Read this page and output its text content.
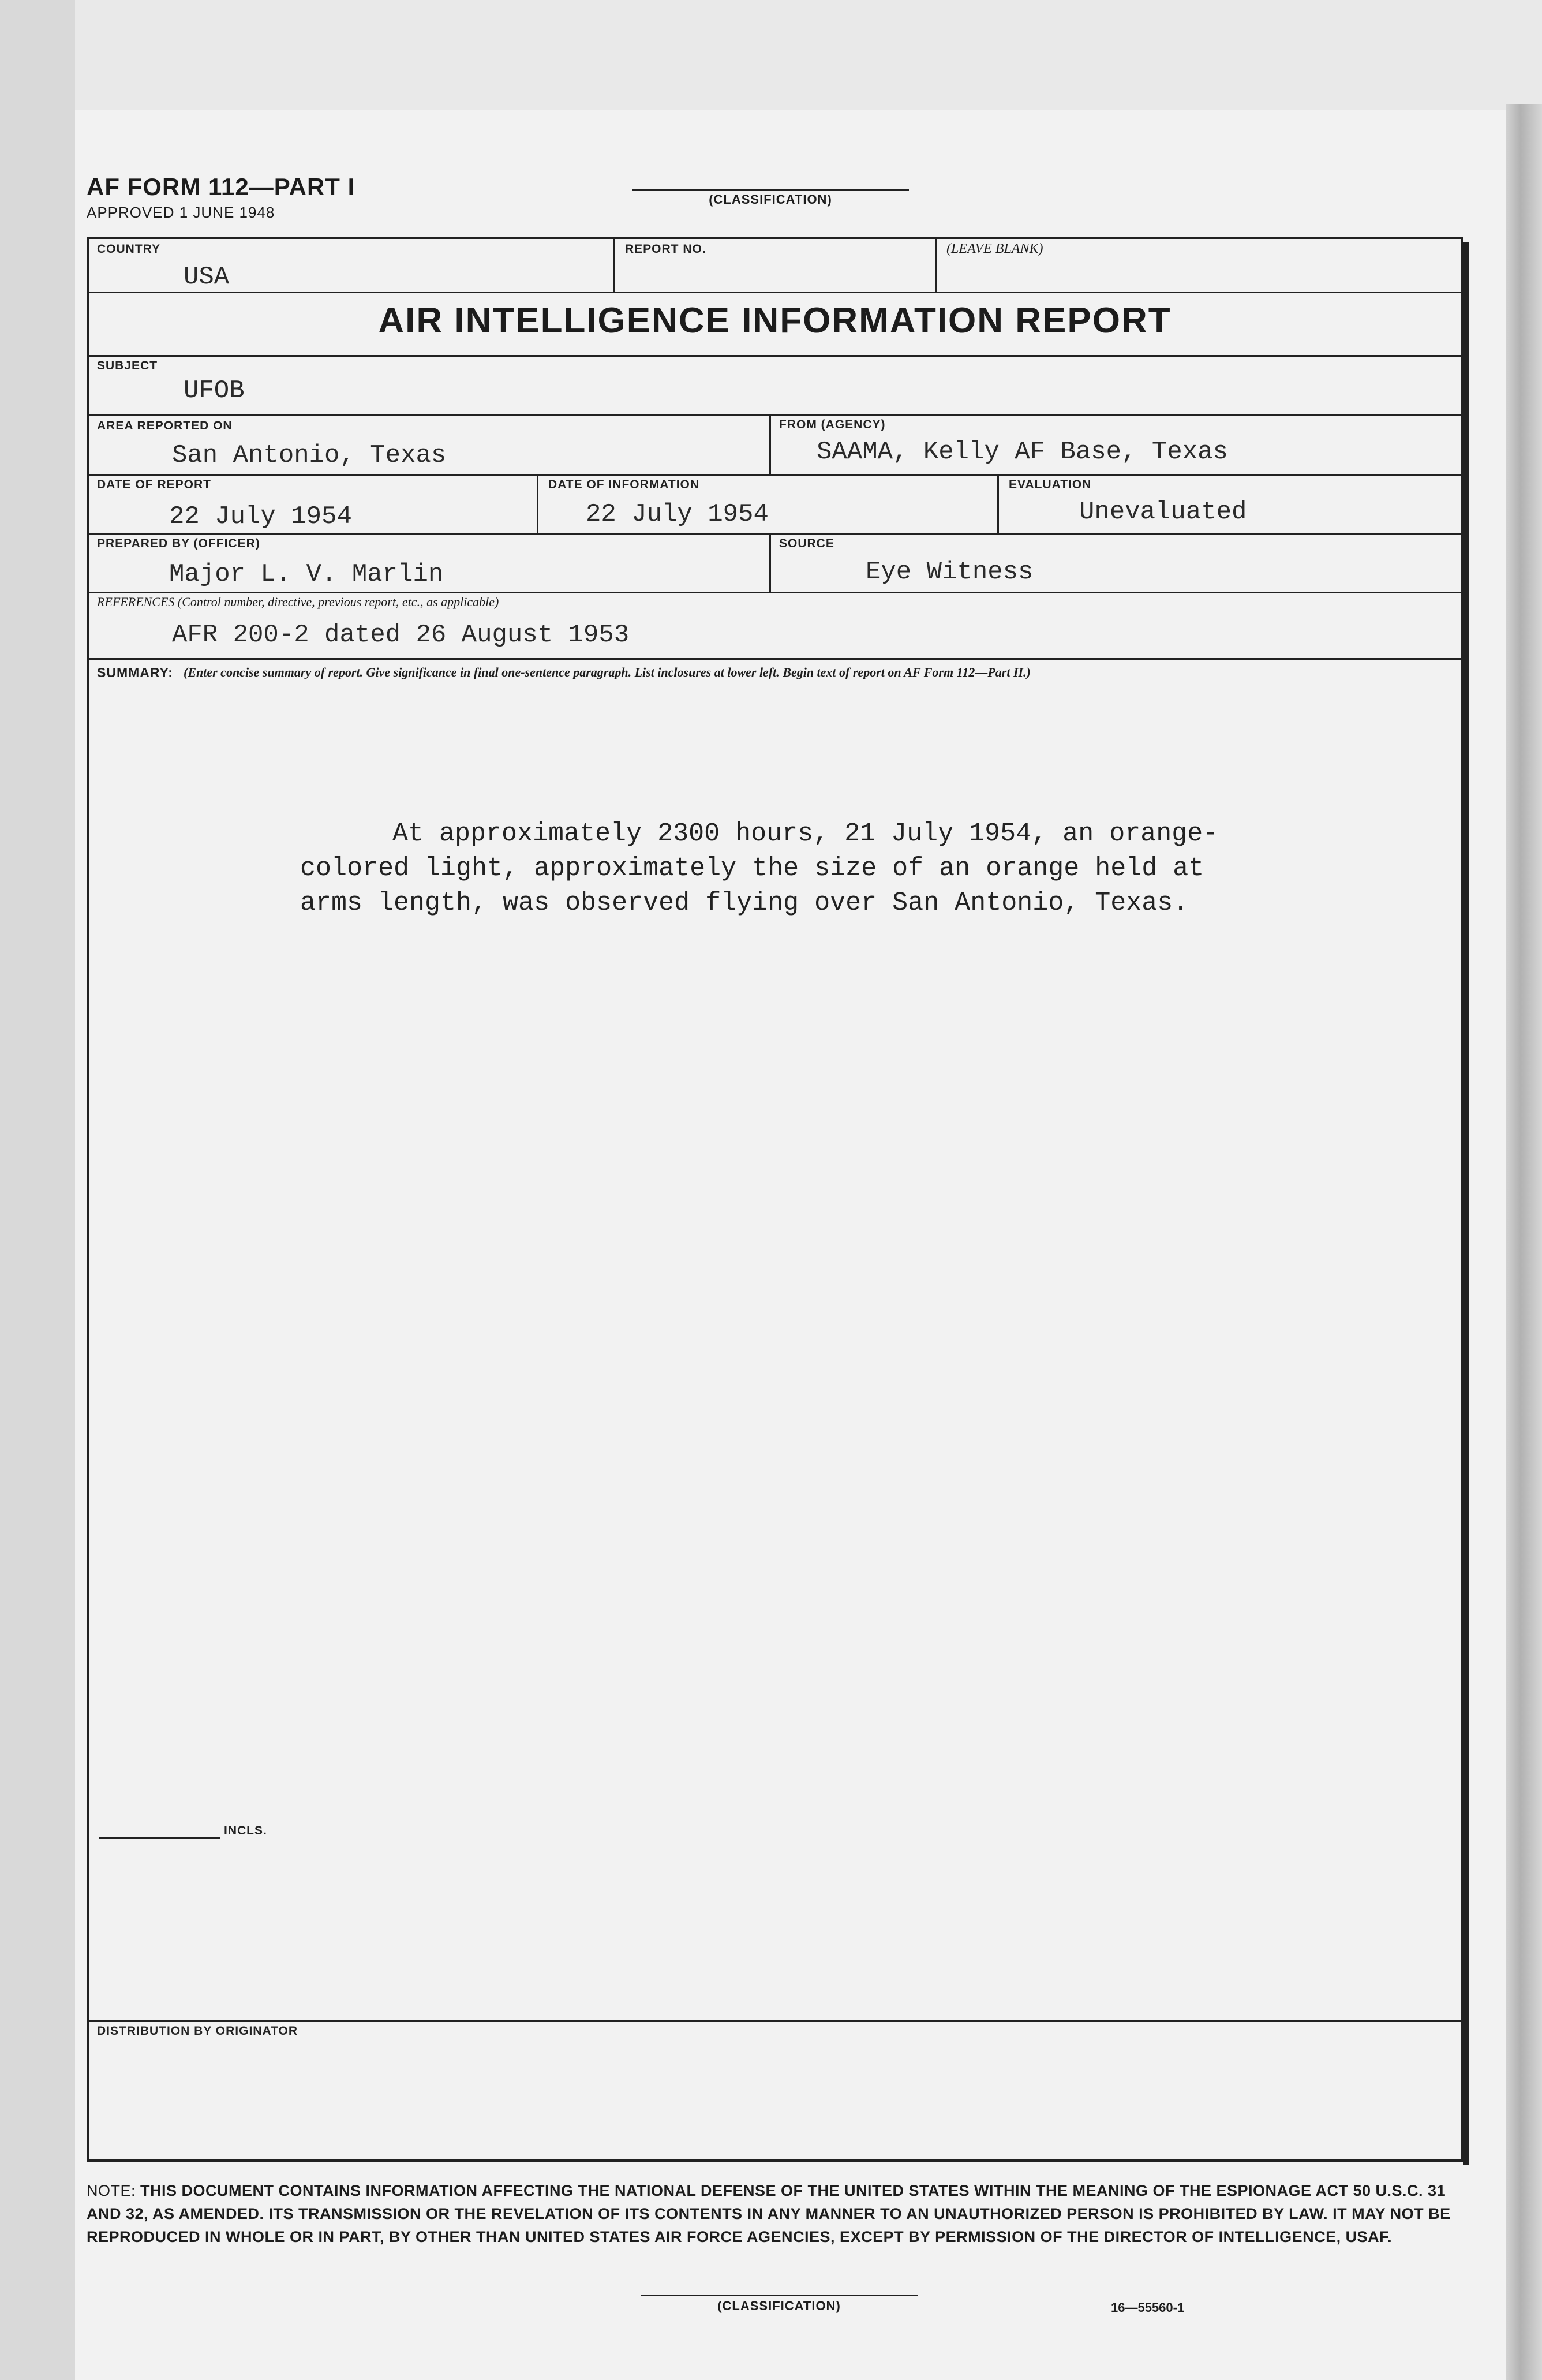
AF FORM 112—PART I
APPROVED 1 JUNE 1948
(CLASSIFICATION)
COUNTRY
USA
REPORT NO.	(LEAVE BLANK)
AIR INTELLIGENCE INFORMATION REPORT
SUBJECT
UFOB
AREA REPORTED ON
San Antonio, Texas
FROM (AGENCY)
SAAMA, Kelly AF Base, Texas
DATE OF REPORT
22 July 1954
DATE OF INFORMATION
22 July 1954
EVALUATION
Unevaluated
PREPARED BY (OFFICER)
Major L. V. Marlin
SOURCE
Eye Witness
REFERENCES (Control number, directive, previous report, etc., as applicable)
AFR 200-2 dated 26 August 1953
SUMMARY: (Enter concise summary of report. Give significance in final one-sentence paragraph. List inclosures at lower left. Begin text of report on AF Form 112—Part II.)

At approximately 2300 hours, 21 July 1954, an orange-

colored light, approximately the size of an orange held at
arms length, was observed flying over San Antonio, Texas.
INCLS.
DISTRIBUTION BY ORIGINATOR
NOTE: THIS DOCUMENT CONTAINS INFORMATION AFFECTING THE NATIONAL DEFENSE OF THE UNITED STATES WITHIN THE MEANING OF THE ESPIONAGE ACT 50 U.S.C. 31 AND 32, AS AMENDED. ITS TRANSMISSION OR THE REVELATION OF ITS CONTENTS IN ANY MANNER TO AN UNAUTHORIZED PERSON IS PROHIBITED BY LAW. IT MAY NOT BE REPRODUCED IN WHOLE OR IN PART, BY OTHER THAN UNITED STATES AIR FORCE AGENCIES, EXCEPT BY PERMISSION OF THE DIRECTOR OF INTELLIGENCE, USAF.
(CLASSIFICATION)	16—55560-1
